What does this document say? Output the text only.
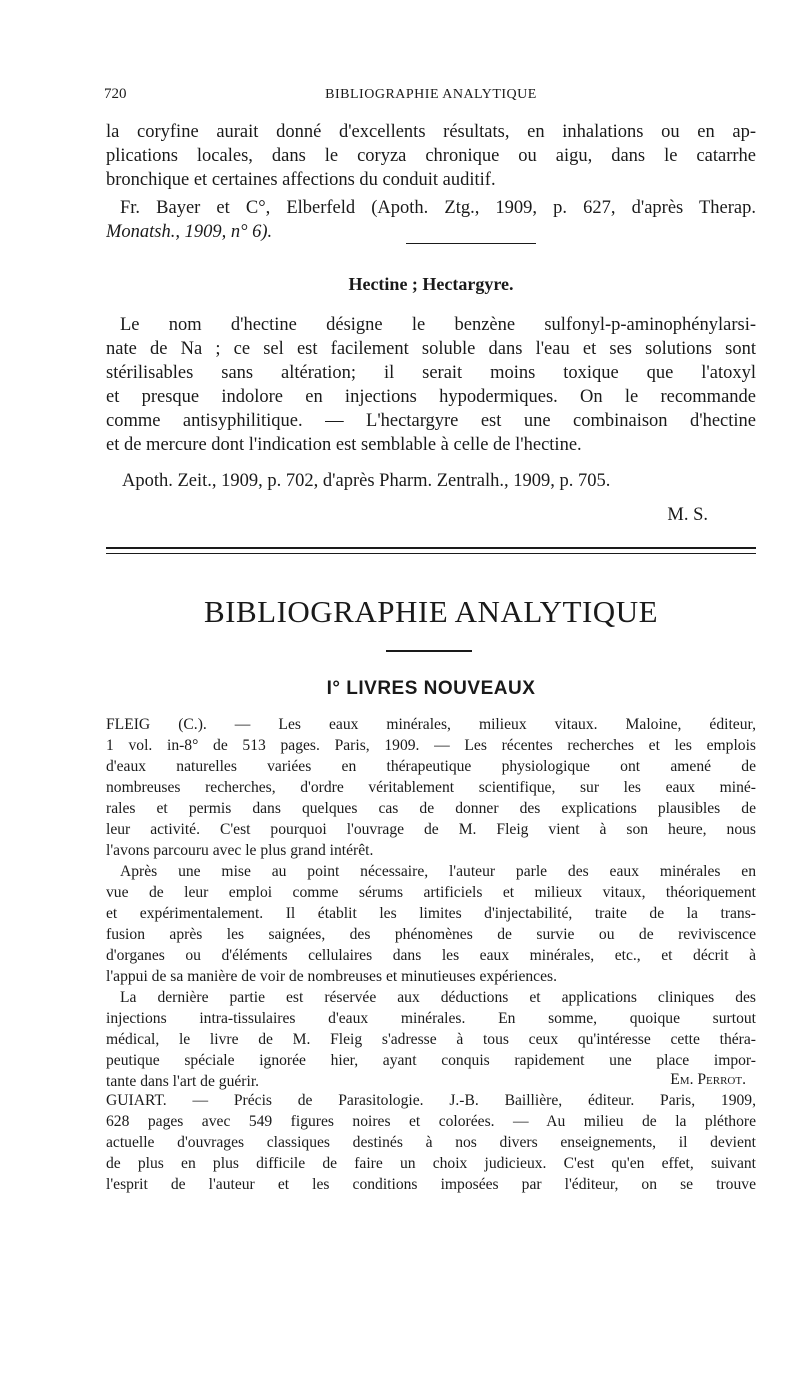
720	BIBLIOGRAPHIE ANALYTIQUE
la coryfine aurait donné d'excellents résultats, en inhalations ou en ap-
plications locales, dans le coryza chronique ou aigu, dans le catarrhe
bronchique et certaines affections du conduit auditif.
Fr. Bayer et C°, Elberfeld (Apoth. Ztg., 1909, p. 627, d'après Therap.
Monatsh., 1909, n° 6).
Hectine ; Hectargyre.
Le nom d'hectine désigne le benzène sulfonyl-p-aminophénylarsi-
nate de Na ; ce sel est facilement soluble dans l'eau et ses solutions sont
stérilisables sans altération; il serait moins toxique que l'atoxyl
et presque indolore en injections hypodermiques. On le recommande
comme antisyphilitique. — L'hectargyre est une combinaison d'hectine
et de mercure dont l'indication est semblable à celle de l'hectine.
Apoth. Zeit., 1909, p. 702, d'après Pharm. Zentralh., 1909, p. 705.
M. S.
BIBLIOGRAPHIE ANALYTIQUE
I° LIVRES NOUVEAUX
FLEIG (C.). — Les eaux minérales, milieux vitaux. Maloine, éditeur,
1 vol. in-8° de 513 pages. Paris, 1909. — Les récentes recherches et les emplois
d'eaux naturelles variées en thérapeutique physiologique ont amené de
nombreuses recherches, d'ordre véritablement scientifique, sur les eaux miné-
rales et permis dans quelques cas de donner des explications plausibles de
leur activité. C'est pourquoi l'ouvrage de M. Fleig vient à son heure, nous
l'avons parcouru avec le plus grand intérêt.
Après une mise au point nécessaire, l'auteur parle des eaux minérales en
vue de leur emploi comme sérums artificiels et milieux vitaux, théoriquement
et expérimentalement. Il établit les limites d'injectabilité, traite de la trans-
fusion après les saignées, des phénomènes de survie ou de reviviscence
d'organes ou d'éléments cellulaires dans les eaux minérales, etc., et décrit à
l'appui de sa manière de voir de nombreuses et minutieuses expériences.
La dernière partie est réservée aux déductions et applications cliniques des
injections intra-tissulaires d'eaux minérales. En somme, quoique surtout
médical, le livre de M. Fleig s'adresse à tous ceux qu'intéresse cette théra-
peutique spéciale ignorée hier, ayant conquis rapidement une place impor-
tante dans l'art de guérir.	Em. Perrot.
GUIART. — Précis de Parasitologie. J.-B. Baillière, éditeur. Paris, 1909,
628 pages avec 549 figures noires et colorées. — Au milieu de la pléthore
actuelle d'ouvrages classiques destinés à nos divers enseignements, il devient
de plus en plus difficile de faire un choix judicieux. C'est qu'en effet, suivant
l'esprit de l'auteur et les conditions imposées par l'éditeur, on se trouve
